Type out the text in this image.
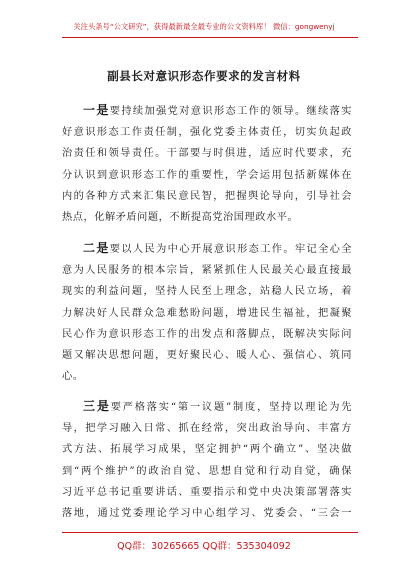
关注头条号“公文研究”，获得最新最全最专业的公文资料库！ 微信：gongwenyj
副县长对意识形态作要求的发言材料
一是要持续加强党对意识形态工作的领导。继续落实
好意识形态工作责任制，强化党委主体责任，切实负起政
治责任和领导责任。干部要与时俱进，适应时代要求，充
分认识到意识形态工作的重要性，学会运用包括新媒体在
内的各种方式来汇集民意民智，把握舆论导向，引导社会
热点，化解矛盾问题，不断提高党治国理政水平。
二是要以人民为中心开展意识形态工作。牢记全心全
意为人民服务的根本宗旨，紧紧抓住人民最关心最直接最
现实的利益问题，坚持人民至上理念，站稳人民立场，着
力解决好人民群众急难愁盼问题，增进民生福祉，把凝聚
民心作为意识形态工作的出发点和落脚点，既解决实际问
题又解决思想问题，更好聚民心、暖人心、强信心、筑同
心。
三是要严格落实“第一议题”制度，坚持以理论为先
导，把学习融入日常、抓在经常，突出政治导向、丰富方
式方法、拓展学习成果，坚定拥护“两个确立”、坚决做
到“两个维护”的政治自觉、思想自觉和行动自觉，确保
习近平总书记重要讲话、重要指示和党中央决策部署落实
落地，通过党委理论学习中心组学习、党委会、“三会一
QQ群：30265665 QQ群：535304092
